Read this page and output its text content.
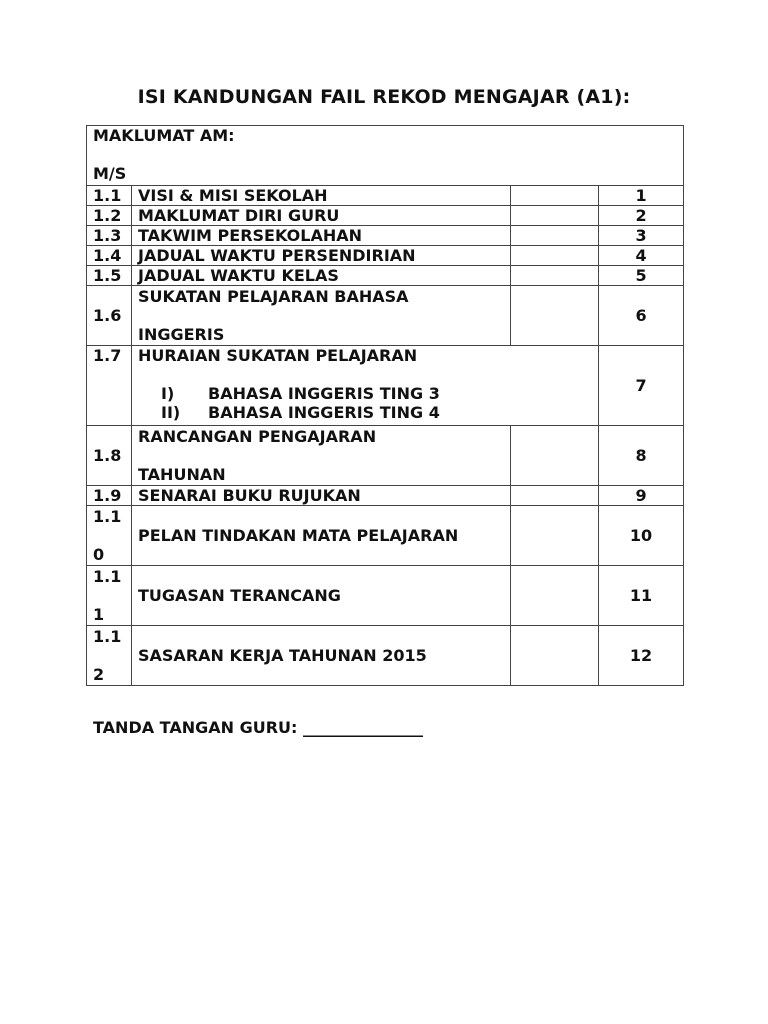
ISI KANDUNGAN FAIL REKOD MENGAJAR (A1):
MAKLUMAT AM:
M/S			

1.1	VISI & MISI SEKOLAH		1
1.2	MAKLUMAT DIRI GURU		2
1.3	TAKWIM PERSEKOLAHAN		3
1.4	JADUAL WAKTU PERSENDIRIAN		4
1.5	JADUAL WAKTU KELAS		5
1.6	SUKATAN PELAJARAN BAHASA
INGGERIS		6
1.7	HURAIAN SUKATAN PELAJARAN
I) BAHASA INGGERIS TING 3
II) BAHASA INGGERIS TING 4		7
1.8	RANCANGAN PENGAJARAN
TAHUNAN		8
1.9	SENARAI BUKU RUJUKAN		9

1.1
0	PELAN TINDAKAN MATA PELAJARAN		10

1.1
1	TUGASAN TERANCANG		11

1.1
2	SASARAN KERJA TAHUNAN 2015		12
TANDA TANGAN GURU: _______________
